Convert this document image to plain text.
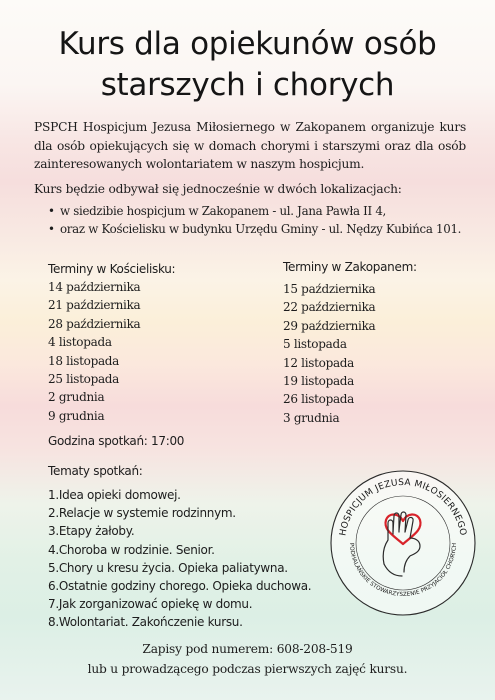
Kurs dla opiekunów osób
starszych i chorych
PSPCH Hospicjum Jezusa Miłosiernego w Zakopanem organizuje kurs dla osób opiekujących się w domach chorymi i starszymi oraz dla osób zainteresowanych wolontariatem w naszym hospicjum.
Kurs będzie odbywał się jednocześnie w dwóch lokalizacjach:
• w siedzibie hospicjum w Zakopanem - ul. Jana Pawła II 4,
• oraz w Kościelisku w budynku Urzędu Gminy - ul. Nędzy Kubińca 101.
Terminy w Kościelisku:
14 października
21 października
28 października
4 listopada
18 listopada
25 listopada
2 grudnia
9 grudnia
Terminy w Zakopanem:
15 października
22 października
29 października
5 listopada
12 listopada
19 listopada
26 listopada
3 grudnia
Godzina spotkań: 17:00
Tematy spotkań:
1.Idea opieki domowej.
2.Relacje w systemie rodzinnym.
3.Etapy żałoby.
4.Choroba w rodzinie. Senior.
5.Chory u kresu życia. Opieka paliatywna.
6.Ostatnie godziny chorego. Opieka duchowa.
7.Jak zorganizować opiekę w domu.
8.Wolontariat. Zakończenie kursu.
HOSPICJUM JEZUSA MIŁOSIERNEGO
PODHALAŃSKIE STOWARZYSZENIE PRZYJACIÓŁ CHORYCH
Zapisy pod numerem: 608-208-519
lub u prowadzącego podczas pierwszych zajęć kursu.
